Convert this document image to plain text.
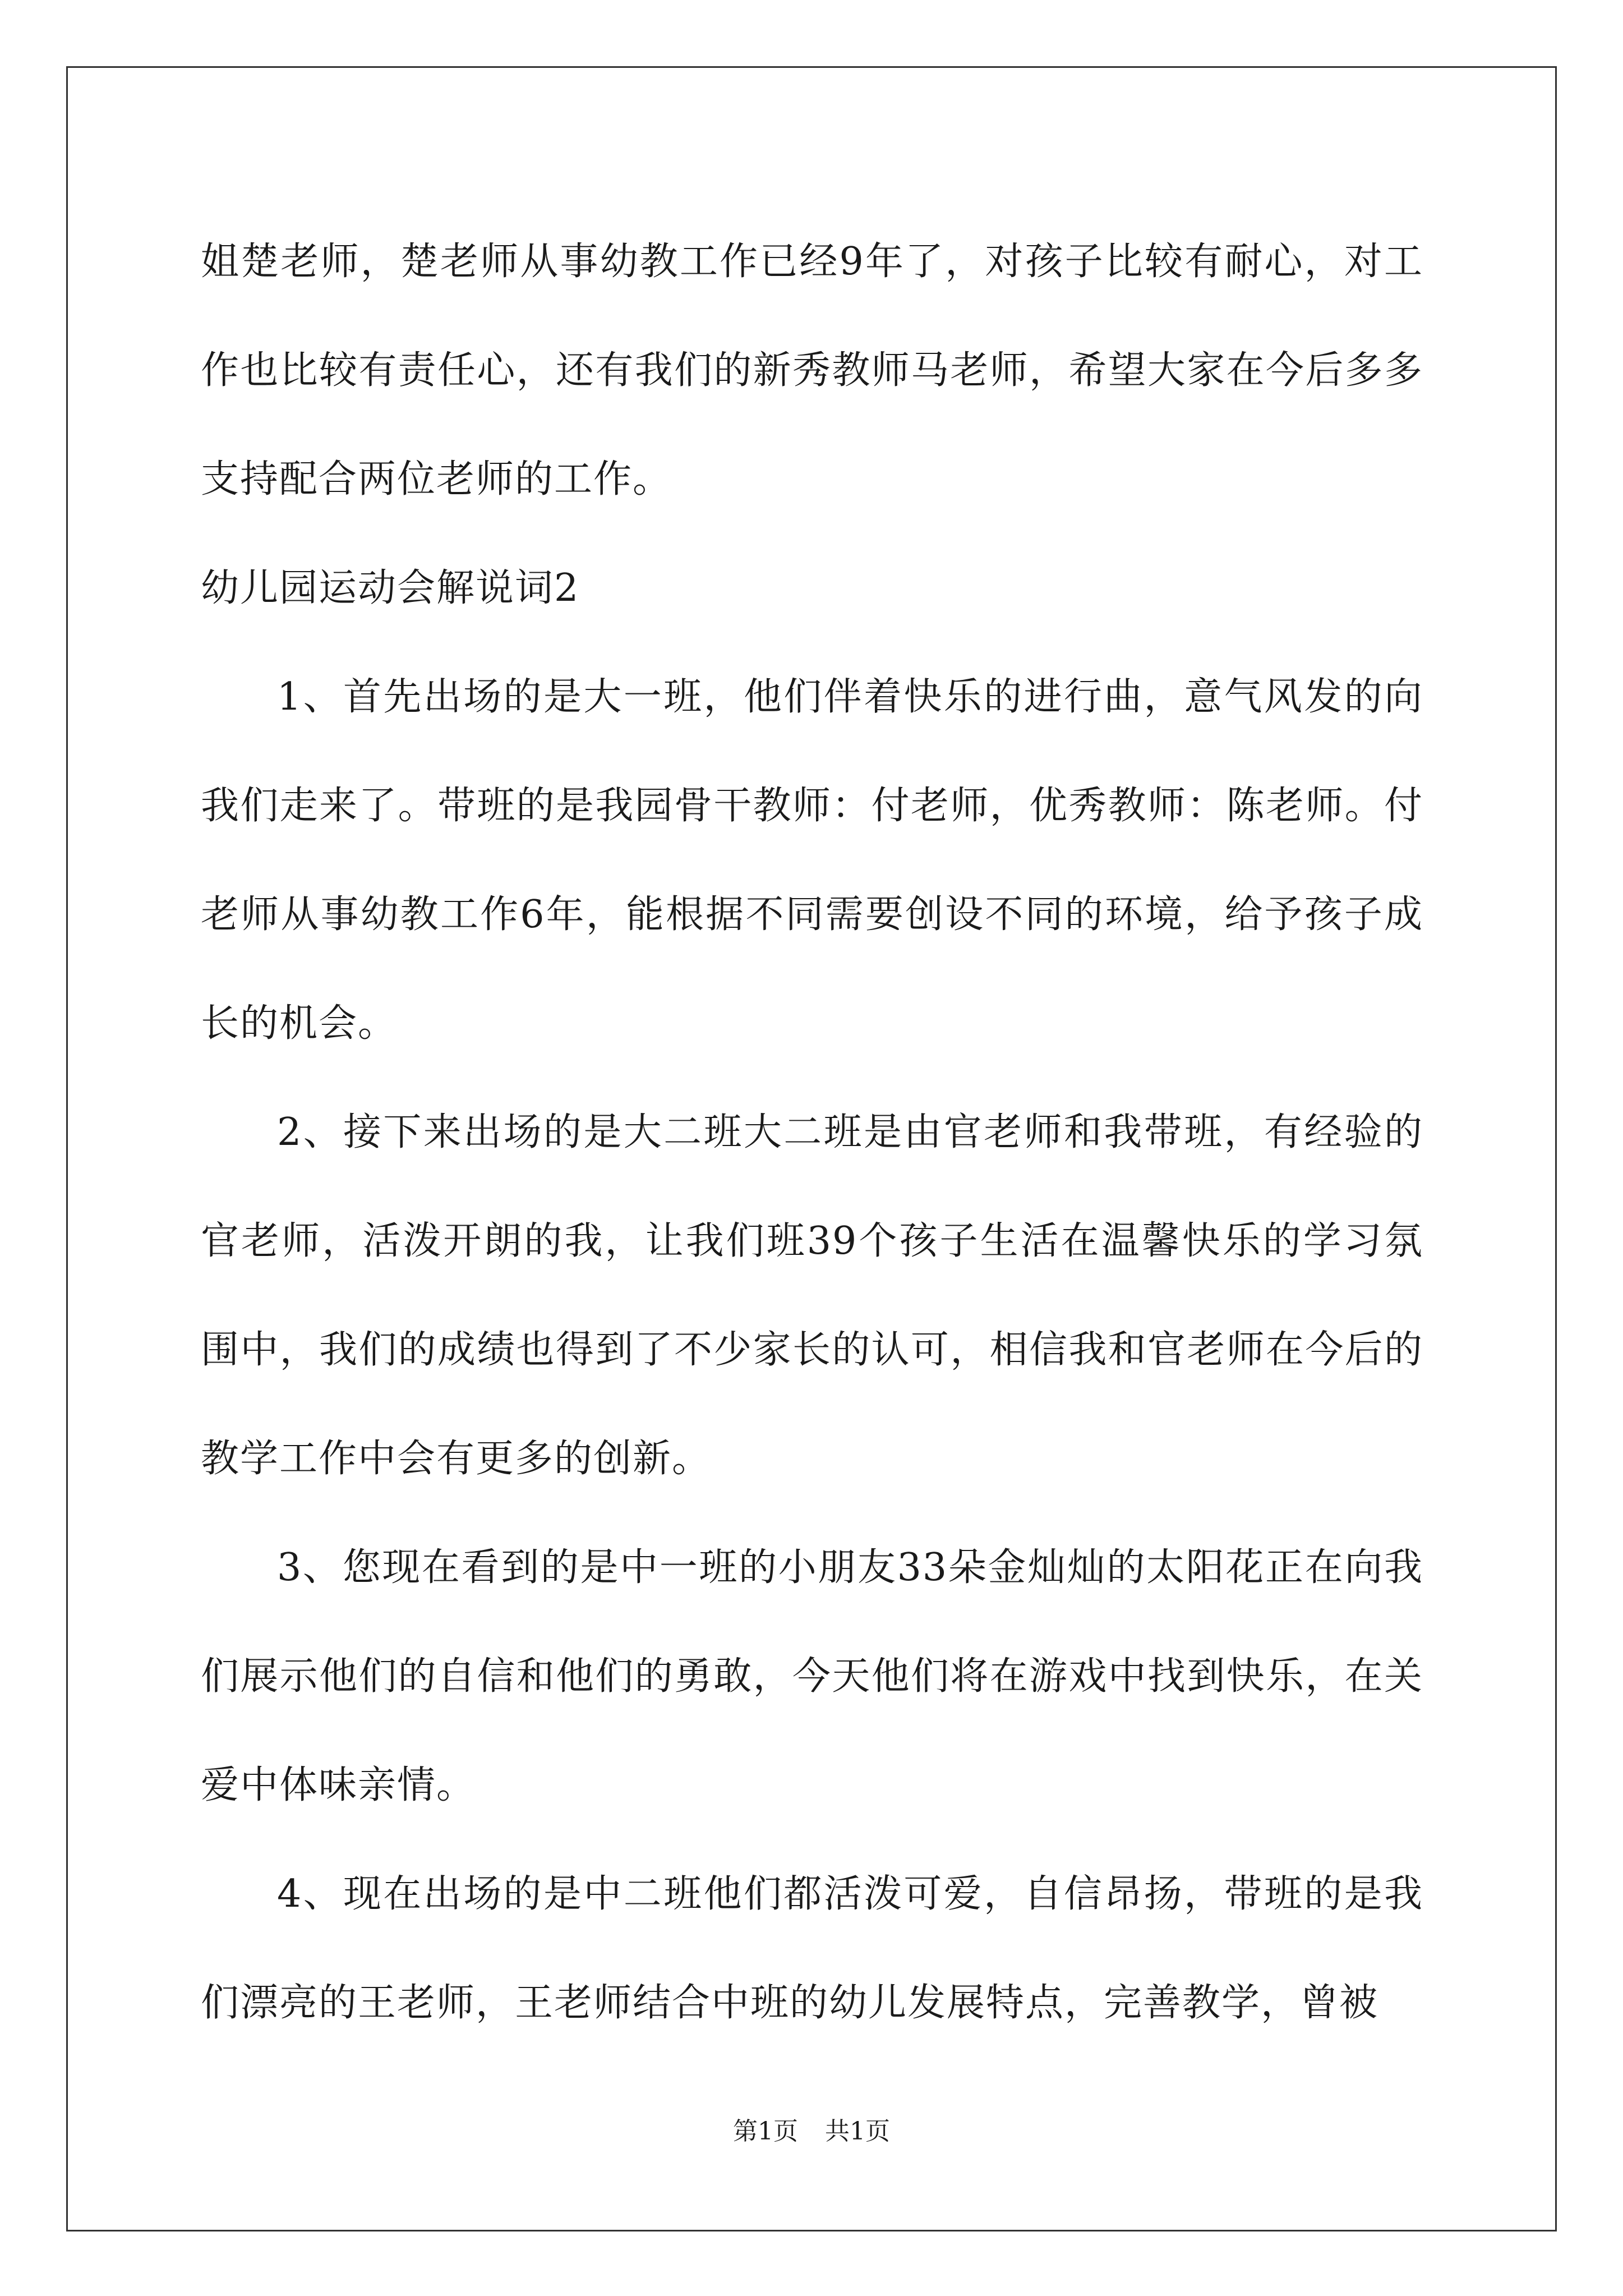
姐楚老师，楚老师从事幼教工作已经9年了，对孩子比较有耐心，对工作也比较有责任心，还有我们的新秀教师马老师，希望大家在今后多多支持配合两位老师的工作。

幼儿园运动会解说词2

1、首先出场的是大一班，他们伴着快乐的进行曲，意气风发的向我们走来了。带班的是我园骨干教师：付老师，优秀教师：陈老师。付老师从事幼教工作6年，能根据不同需要创设不同的环境，给予孩子成长的机会。

2、接下来出场的是大二班大二班是由官老师和我带班，有经验的官老师，活泼开朗的我，让我们班39个孩子生活在温馨快乐的学习氛围中，我们的成绩也得到了不少家长的认可，相信我和官老师在今后的教学工作中会有更多的创新。

3、您现在看到的是中一班的小朋友33朵金灿灿的太阳花正在向我们展示他们的自信和他们的勇敢，今天他们将在游戏中找到快乐，在关爱中体味亲情。

4、现在出场的是中二班他们都活泼可爱，自信昂扬，带班的是我们漂亮的王老师，王老师结合中班的幼儿发展特点，完善教学，曾被

第1页 共1页
